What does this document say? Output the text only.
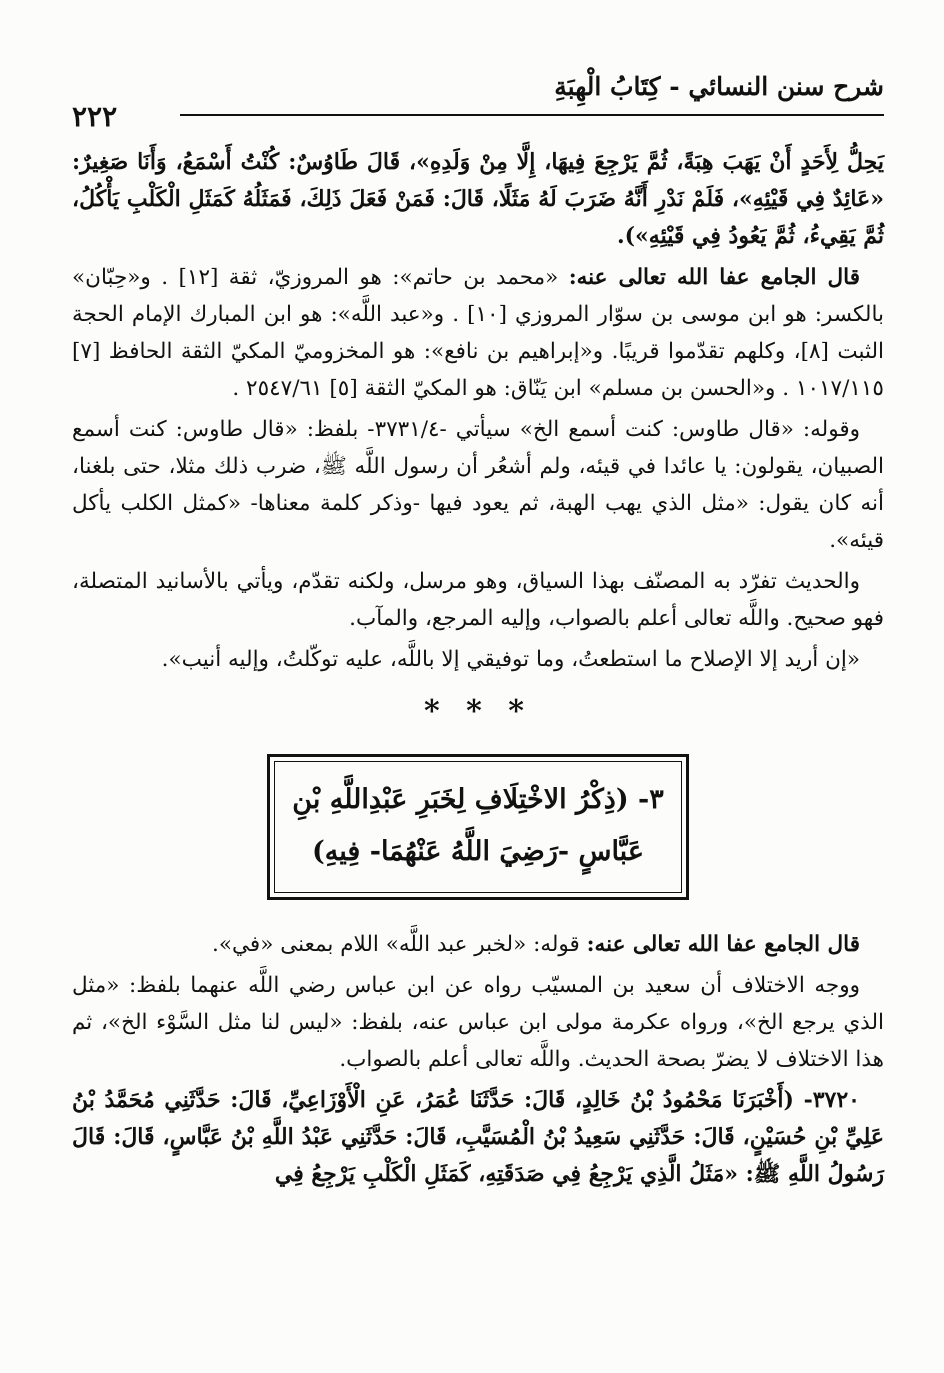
شرح سنن النسائي - كِتَابُ الْهِبَةِ
٢٢٢

يَحِلُّ لِأَحَدٍ أَنْ يَهَبَ هِبَةً، ثُمَّ يَرْجِعَ فِيهَا، إِلَّا مِنْ وَلَدِهِ»، قَالَ طَاوُسٌ: كُنْتُ أَسْمَعُ، وَأَنَا صَغِيرٌ: «عَائِدٌ فِي قَيْئِهِ»، فَلَمْ نَدْرِ أَنَّهُ ضَرَبَ لَهُ مَثَلًا، قَالَ: فَمَنْ فَعَلَ ذَلِكَ، فَمَثَلُهُ كَمَثَلِ الْكَلْبِ يَأْكُلُ، ثُمَّ يَقِيءُ، ثُمَّ يَعُودُ فِي قَيْئِهِ»).

قال الجامع عفا الله تعالى عنه: «محمد بن حاتم»: هو المروزيّ، ثقة [١٢] . و«حِبّان» بالكسر: هو ابن موسى بن سوّار المروزي [١٠] . و«عبد اللَّه»: هو ابن المبارك الإمام الحجة الثبت [٨]، وكلهم تقدّموا قريبًا. و«إبراهيم بن نافع»: هو المخزوميّ المكيّ الثقة الحافظ [٧] ١٠١٧/١١٥ . و«الحسن بن مسلم» ابن يَنّاق: هو المكيّ الثقة [٥] ٢٥٤٧/٦١ .

وقوله: «قال طاوس: كنت أسمع الخ» سيأتي -٣٧٣١/٤- بلفظ: «قال طاوس: كنت أسمع الصبيان، يقولون: يا عائدا في قيئه، ولم أشعُر أن رسول اللَّه ﷺ، ضرب ذلك مثلا، حتى بلغنا، أنه كان يقول: «مثل الذي يهب الهبة، ثم يعود فيها -وذكر كلمة معناها- «كمثل الكلب يأكل قيئه».

والحديث تفرّد به المصنّف بهذا السياق، وهو مرسل، ولكنه تقدّم، ويأتي بالأسانيد المتصلة، فهو صحيح. واللَّه تعالى أعلم بالصواب، وإليه المرجع، والمآب.

«إن أريد إلا الإصلاح ما استطعتُ، وما توفيقي إلا باللَّه، عليه توكّلتُ، وإليه أنيب».

* * *
٣- (ذِكْرُ الاخْتِلَافِ لِخَبَرِ عَبْدِاللَّهِ بْنِ
عَبَّاسٍ -رَضِيَ اللَّهُ عَنْهُمَا- فِيهِ)

قال الجامع عفا الله تعالى عنه: قوله: «لخبر عبد اللَّه» اللام بمعنى «في».

ووجه الاختلاف أن سعيد بن المسيّب رواه عن ابن عباس رضي اللَّه عنهما بلفظ: «مثل الذي يرجع الخ»، ورواه عكرمة مولى ابن عباس عنه، بلفظ: «ليس لنا مثل السَّوْء الخ»، ثم هذا الاختلاف لا يضرّ بصحة الحديث. واللَّه تعالى أعلم بالصواب.

٣٧٢٠- (أَخْبَرَنَا مَحْمُودُ بْنُ خَالِدٍ، قَالَ: حَدَّثَنَا عُمَرُ، عَنِ الْأَوْزَاعِيِّ، قَالَ: حَدَّثَنِي مُحَمَّدُ بْنُ عَلِيِّ بْنِ حُسَيْنٍ، قَالَ: حَدَّثَنِي سَعِيدُ بْنُ الْمُسَيَّبِ، قَالَ: حَدَّثَنِي عَبْدُ اللَّهِ بْنُ عَبَّاسٍ، قَالَ: قَالَ رَسُولُ اللَّهِ ﷺ: «مَثَلُ الَّذِي يَرْجِعُ فِي صَدَقَتِهِ، كَمَثَلِ الْكَلْبِ يَرْجِعُ فِي
